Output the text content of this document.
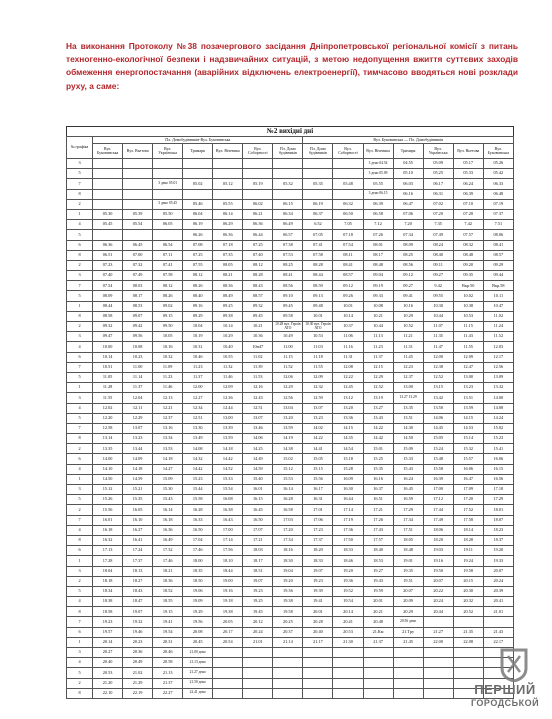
На виконання Протоколу №38 позачергового засідання Дніпропетровської регіональної комісії з питань техногенно-екологічної безпеки і надзвичайних ситуацій, з метою недопущення вжиття суттєвих заходів обмеження енергопостачання (аварійних відключень електроенергії), тимчасово вводяться нові розклади руху, а саме:
№2 вихідні дні
№ графіка	Пл. Домобудівників-Вул. Буковинська							Вул. Буковинська — Пл. Домобудівників						
	Вул. Буковинська	Вул. Вьетова	Вул. Українська	Тримарк	Вул. Вічевика	Вул. Соборності	Пл. Домо будівників	Пл. Домо будівників	Вул. Соборності	Вул. Вічевика	Тримарк	Вул. Українська	Вул. Вьетова	Вул. Буковинська
3										3 дено 04.54	04.55	05.09	05.17	05.26
5										3 дено 05.09	05.10	05.25	05.33	05.42
7			3 дено 05.01	05.02	05.12	05.19	05.32	05.35	05.48	05.55	06.03	06.17	06.24	06.33
8										3 дено 06.15	06.16	06.31	06.39	06.48
2			3 дено 05.45	05.46	05.55	06.02	06.15	06.19	06.32	06.39	06.47	07.02	07.10	07.19
1	05.30	05.39	05.50	06.04	06.14	06.21	06.34	06.37	06.50	06.58	07.06	07.20	07.28	07.37
4	05.45	05.54	06.05	06.19	06.29	06.36	06.49	6.52	7.05	7.12	7.20	7.35	7.42	7.51
5				06.26	06.36	06.44	06.57	07.05	07.18	07.26	07.34	07.49	07.57	08.06
6	06.36	06.45	06.54	07.08	07.18	07.25	07.38	07.41	07.54	08.01	08.09	08.24	08.32	08.41
8	06.51	07.00	07.11	07.25	07.35	07.40	07.53	07.58	08.11	08.17	08.25	08.40	08.48	08.57
2	07.23	07.32	07.41	07.55	08.05	08.12	08.25	08.28	08.41	08.48	08.56	09.11	09.20	09.29
3	07.40	07.49	07.58	08.12	08.21	08.28	08.41	08.44	08.57	09.04	09.12	09.27	09.35	09.44
7	07.54	08.03	08.12	08.26	08.36	08.43	08.56	08.59	09.12	09.19	09.27	9.42	Вкр.50	Вкр.58
5	08.09	08.17	08.26	08.40	08.49	08.57	09.10	09.13	09.26	09.33	09.41	09.55	10.02	10.11
1	08.44	08.53	09.02	09.16	09.25	09.32	09.45	09.48	10.01	10.08	10.16	10.30	10.38	10.47
8	08.58	09.07	09.15	09.29	09.38	09.45	09.58	10.01	10.14	10.21	10.29	10.44	10.53	11.02
2	09.32	09.42	09.50	10.04	10.14	10.21	10.28 вул. Героїв АТО	10.30 вул. Героїв АТО	10.37	10.44	10.52	11.07	11.15	11.24
3	09.47	09.56	10.05	10.19	10.29	10.36	10.49	10.53	11.06	11.13	11.21	11.35	11.43	11.52
4	10.00	10.08	10.16	10.31	10.40	10н47	11.00	11.03	11.16	11.23	11.31	11.47	11.55	12.03
6	10.14	10.23	10.32	10.46	10.55	11.02	11.15	11.18	11.31	11.37	11.45	12.00	12.09	12.17
7	10.51	11.00	11.09	11.23	11.32	11.39	11.52	11.55	12.08	12.15	12.23	12.38	12.47	12.56
5	11.05	11.14	11.23	11.37	11.46	11.53	12.06	12.09	12.22	12.29	12.37	12.52	13.00	13.09
1	11.28	11.37	11.46	12.00	12.09	12.16	12.29	12.32	12.45	12.52	13.00	13.15	13.23	13.32
3	11.55	12.04	12.13	12.27	12.36	12.43	12.56	12.59	13.12	13.19	13.27 13.29	13.42	13.51	14.00
4	12.02	12.11	12.21	12.34	12.44	12.51	13.04	13.07	13.20	13.27	13.35	13.50	13.59	14.08
5	12.20	12.29	12.37	12.51	13.00	13.07	13.20	13.23	13.36	13.43	13.51	14.06	14.15	14.24
7	12.58	13.07	13.16	13.30	13.39	13.46	13.59	14.02	14.15	14.22	14.30	14.45	14.53	15.02
8	13.14	13.23	13.34	13.49	13.59	14.06	14.19	14.22	14.35	14.42	14.50	15.05	15.14	15.23
2	13.35	13.44	13.53	14.08	14.18	14.25	14.38	14.41	14.54	15.01	15.09	15.24	15.32	15.41
6	14.00	14.09	14.18	14.32	14.42	14.49	15.02	15.05	15.18	15.25	15.33	15.48	15.57	16.06
4	14.10	14.18	14.27	14.42	14.52	14.59	15.12	15.15	15.28	15.35	15.43	15.58	16.06	16.15
1	14.50	14.59	15.09	15.23	15.33	15.40	15.53	15.56	16.09	16.16	16.24	16.39	16.47	16.56
3	15.12	15.21	15.30	15.44	15.54	16.01	16.14	16.17	16.30	16.37	16.45	17.00	17.09	17.18
5	15.26	15.35	15.43	15.58	16.08	16.15	16.28	16.31	16.44	16.51	16.59	17.12	17.20	17.29
2	15.56	16.05	16.14	16.28	16.38	16.45	16.58	17.01	17.14	17.21	17.29	17.44	17.52	18.01
7	16.01	16.10	16.18	16.33	16.43	16.50	17.03	17.06	17.19	17.26	17.34	17.49	17.58	18.07
4	16.18	16.27	16.36	16.50	17.00	17.07	17.20	17.23	17.36	17.43	17.51	18.06	18.14	18.23
8	16.32	16.41	16.49	17.04	17.14	17.21	17.34	17.37	17.50	17.57	18.05	18.20	18.28	18.37
6	17.13	17.24	17.32	17.46	17.56	18.03	18.16	18.20	18.33	18.40	18.48	19.03	19.11	19.20
1	17.28	17.37	17.46	18.00	18.10	18.17	18.30	18.33	18.46	18.53	19.01	19.16	19.24	19.33
3	18.04	18.13	18.21	18.35	18.44	18.51	19.04	19.07	19.20	19.27	19.35	19.50	19.58	20.07
2	18.18	18.27	18.36	18.50	19.00	19.07	19.20	19.23	19.36	19.43	19.51	20.07	20.15	20.24
5	18.34	18.43	18.52	19.06	19.16	19.23	19.36	19.39	19.52	19.59	20.07	20.22	20.30	20.39
4	18.38	18.47	18.55	19.09	19.18	19.25	19.38	19.41	19.54	20.01	20.09	20.24	20.32	20.41
8	18.58	19.07	19.15	19.29	19.38	19.45	19.58	20.01	20.14	20.21	20.29	20.44	20.52	21.01
7	19.23	19.32	19.41	19.56	20.05	20.12	20.25	20.28	20.41	20.48	20.56 дено			
6	19.57	19.46	19.54	20.08	20.17	20.24	20.37	20.40	20.53	21.Км	21.Тру	21.27	21.35	21.43
1	20.14	20.23	20.31	20.45	20.54	21.01	21.14	21.17	21.30	21.37	21.45	22.00	22.08	22.17
3	20.27	20.36	20.46	21.00 дено										
4	20.40	20.49	20.58	21.13 дено										
5	20.53	21.02	21.13	21.27 дено										
2	21.20	21.29	21.37	21.50 дено										
8	22.10	22.19	22.27	22.41 дено											ПЕРШИЙ
ГОРОДСЬКОЙ
